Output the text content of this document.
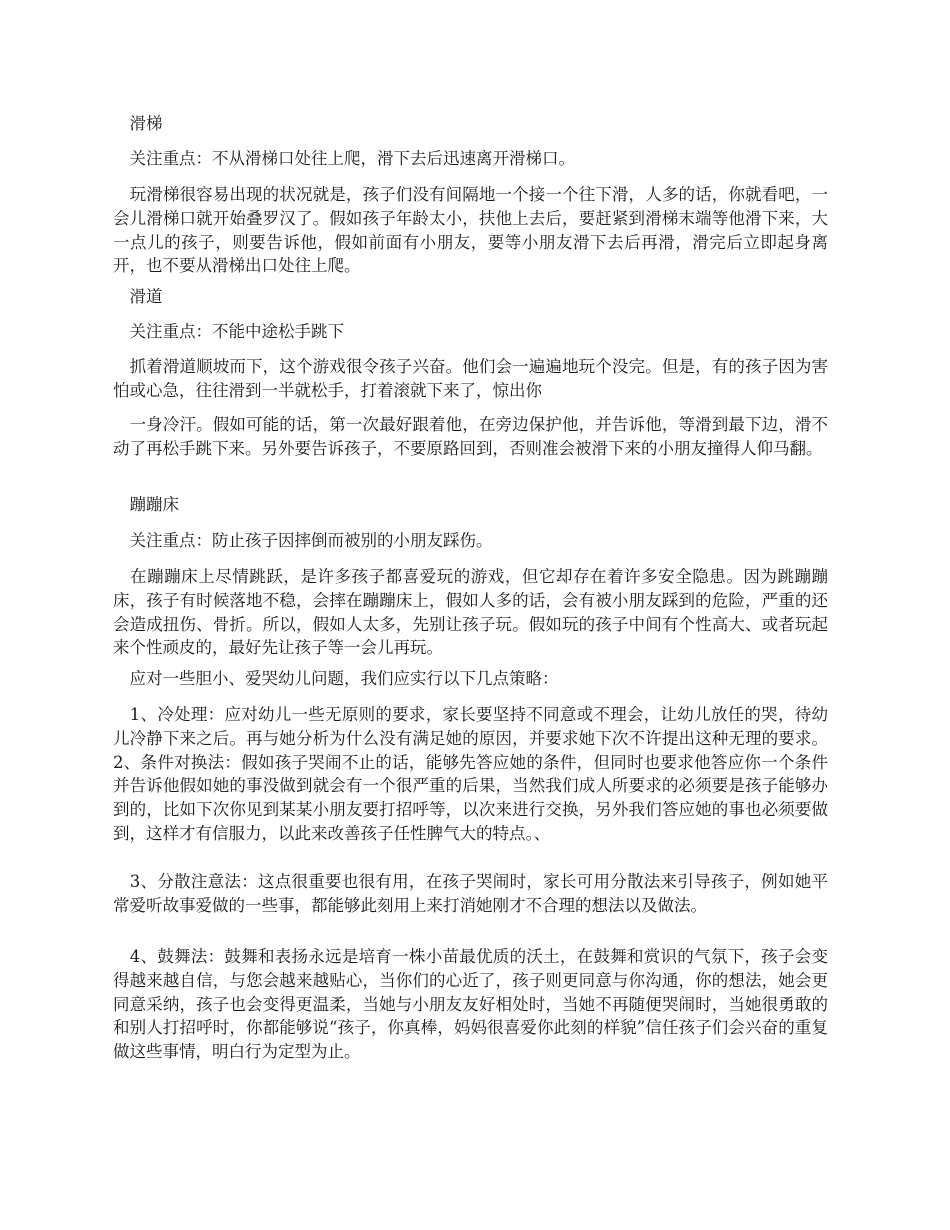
　滑梯

　关注重点：不从滑梯口处往上爬，滑下去后迅速离开滑梯口。

　玩滑梯很容易出现的状况就是，孩子们没有间隔地一个接一个往下滑，人多的话，你就看吧，一会儿滑梯口就开始叠罗汉了。假如孩子年龄太小，扶他上去后，要赶紧到滑梯末端等他滑下来，大一点儿的孩子，则要告诉他，假如前面有小朋友，要等小朋友滑下去后再滑，滑完后立即起身离开，也不要从滑梯出口处往上爬。

　滑道

　关注重点：不能中途松手跳下

　抓着滑道顺坡而下，这个游戏很令孩子兴奋。他们会一遍遍地玩个没完。但是，有的孩子因为害怕或心急，往往滑到一半就松手，打着滚就下来了，惊出你

　一身冷汗。假如可能的话，第一次最好跟着他，在旁边保护他，并告诉他，等滑到最下边，滑不动了再松手跳下来。另外要告诉孩子，不要原路回到，否则准会被滑下来的小朋友撞得人仰马翻。

　蹦蹦床

　关注重点：防止孩子因摔倒而被别的小朋友踩伤。

　在蹦蹦床上尽情跳跃，是许多孩子都喜爱玩的游戏，但它却存在着许多安全隐患。因为跳蹦蹦床，孩子有时候落地不稳，会摔在蹦蹦床上，假如人多的话，会有被小朋友踩到的危险，严重的还会造成扭伤、骨折。所以，假如人太多，先别让孩子玩。假如玩的孩子中间有个性高大、或者玩起来个性顽皮的，最好先让孩子等一会儿再玩。

　应对一些胆小、爱哭幼儿问题，我们应实行以下几点策略：

　1、冷处理：应对幼儿一些无原则的要求，家长要坚持不同意或不理会，让幼儿放任的哭，待幼儿冷静下来之后。再与她分析为什么没有满足她的原因，并要求她下次不许提出这种无理的要求。2、条件对换法：假如孩子哭闹不止的话，能够先答应她的条件，但同时也要求他答应你一个条件并告诉他假如她的事没做到就会有一个很严重的后果，当然我们成人所要求的必须要是孩子能够办到的，比如下次你见到某某小朋友要打招呼等，以次来进行交换，另外我们答应她的事也必须要做到，这样才有信服力，以此来改善孩子任性脾气大的特点。、

　3、分散注意法：这点很重要也很有用，在孩子哭闹时，家长可用分散法来引导孩子，例如她平常爱听故事爱做的一些事，都能够此刻用上来打消她刚才不合理的想法以及做法。

　4、鼓舞法：鼓舞和表扬永远是培育一株小苗最优质的沃土，在鼓舞和赏识的气氛下，孩子会变得越来越自信，与您会越来越贴心，当你们的心近了，孩子则更同意与你沟通，你的想法，她会更同意采纳，孩子也会变得更温柔，当她与小朋友友好相处时，当她不再随便哭闹时，当她很勇敢的和别人打招呼时，你都能够说“孩子，你真棒，妈妈很喜爱你此刻的样貌”信任孩子们会兴奋的重复做这些事情，明白行为定型为止。
